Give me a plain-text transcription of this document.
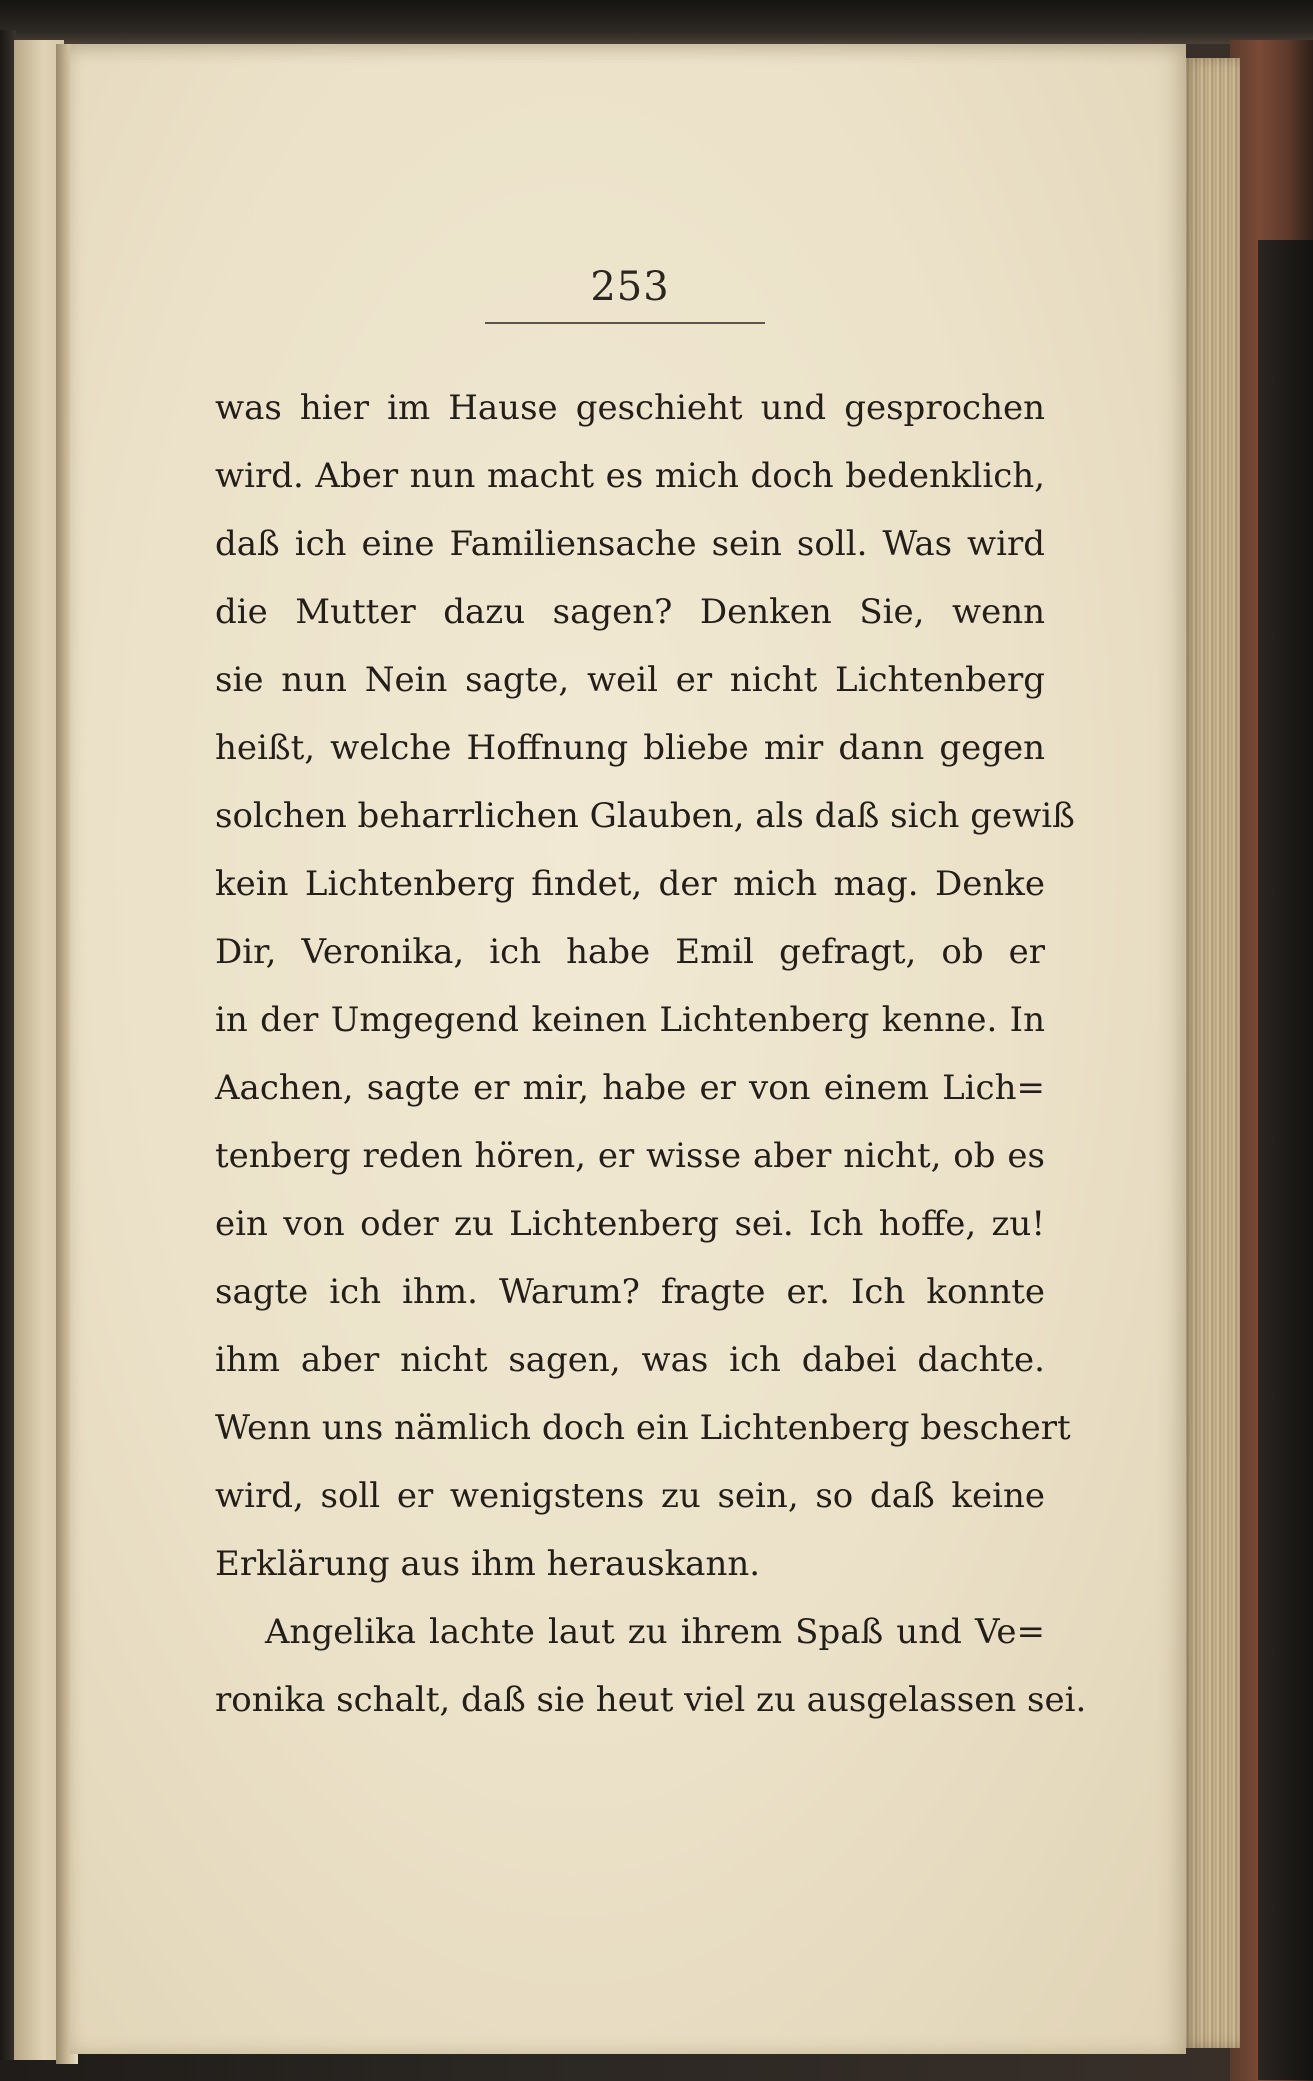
253
was hier im Hause geschieht und gesprochen
wird. Aber nun macht es mich doch bedenklich,
daß ich eine Familiensache sein soll. Was wird
die Mutter dazu sagen? Denken Sie, wenn
sie nun Nein sagte, weil er nicht Lichtenberg
heißt, welche Hoffnung bliebe mir dann gegen
solchen beharrlichen Glauben, als daß sich gewiß
kein Lichtenberg findet, der mich mag. Denke
Dir, Veronika, ich habe Emil gefragt, ob er
in der Umgegend keinen Lichtenberg kenne. In
Aachen, sagte er mir, habe er von einem Lich=
tenberg reden hören, er wisse aber nicht, ob es
ein von oder zu Lichtenberg sei. Ich hoffe, zu!
sagte ich ihm. Warum? fragte er. Ich konnte
ihm aber nicht sagen, was ich dabei dachte.
Wenn uns nämlich doch ein Lichtenberg beschert
wird, soll er wenigstens zu sein, so daß keine
Erklärung aus ihm herauskann.
Angelika lachte laut zu ihrem Spaß und Ve=
ronika schalt, daß sie heut viel zu ausgelassen sei.
